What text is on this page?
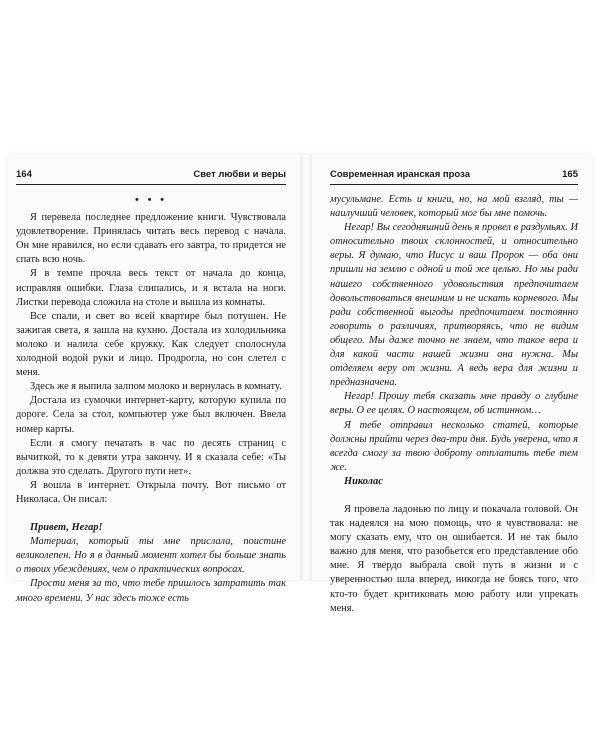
164	Свет любви и веры
• • •

Я перевела последнее предложение книги. Чувствовала удовлетворение. Принялась читать весь перевод с начала. Он мне нравился, но если сдавать его завтра, то придется не спать всю ночь.

Я в темпе прочла весь текст от начала до конца, исправляя ошибки. Глаза слипались, и я встала на ноги. Листки перевода сложила на столе и вышла из комнаты.

Все спали, и свет во всей квартире был потушен. Не зажигая света, я зашла на кухню. Достала из холодильника молоко и налила себе кружку. Как следует сполоснула холодной водой руки и лицо. Продрогла, но сон слетел с меня.

Здесь же я выпила залпом молоко и вернулась в комнату.

Достала из сумочки интернет-карту, которую купила по дороге. Села за стол, компьютер уже был включен. Ввела номер карты.

Если я смогу печатать в час по десять страниц с вычиткой, то к девяти утра закончу. И я сказала себе: «Ты должна это сделать. Другого пути нет».

Я вошла в интернет. Открыла почту. Вот письмо от Николаса. Он писал:

Привет, Негар!

Материал, который ты мне прислала, поистине великолепен. Но я в данный момент хотел бы больше знать о твоих убеждениях, чем о практических вопросах.

Прости меня за то, что тебе пришлось затратить так много времени. У нас здесь тоже есть

Современная иранская проза	165

мусульмане. Есть и книги, но, на мой взгляд, ты — наилучший человек, который мог бы мне помочь.

Негар! Вы сегодняшний день я провел в раздумьях. И относительно твоих склонностей, и относительно веры. Я думаю, что Иисус и ваш Пророк — оба они пришли на землю с одной и той же целью. Но мы ради нашего собственного удовольствия предпочитаем довольствоваться внешним и не искать корневого. Мы ради собственной выгоды предпочитаем постоянно говорить о различиях, притворяясь, что не видим общего. Мы даже точно не знаем, что такое вера и для какой части нашей жизни она нужна. Мы отделяем веру от жизни. А ведь вера для жизни и предназначена.

Негар! Прошу тебя сказать мне правду о глубине веры. О ее целях. О настоящем, об истинном…

Я тебе отправил несколько статей, которые должны прийти через два-три дня. Будь уверена, что я всегда смогу за твою доброту отплатить тебе тем же.

Николас

Я провела ладонью по лицу и покачала головой. Он так надеялся на мою помощь, что я чувствовала: не могу сказать ему, что он ошибается. И не так было важно для меня, что разобьется его представление обо мне. Я твердо выбрала свой путь в жизни и с уверенностью шла вперед, никогда не боясь того, что кто-то будет критиковать мою работу или упрекать меня.
